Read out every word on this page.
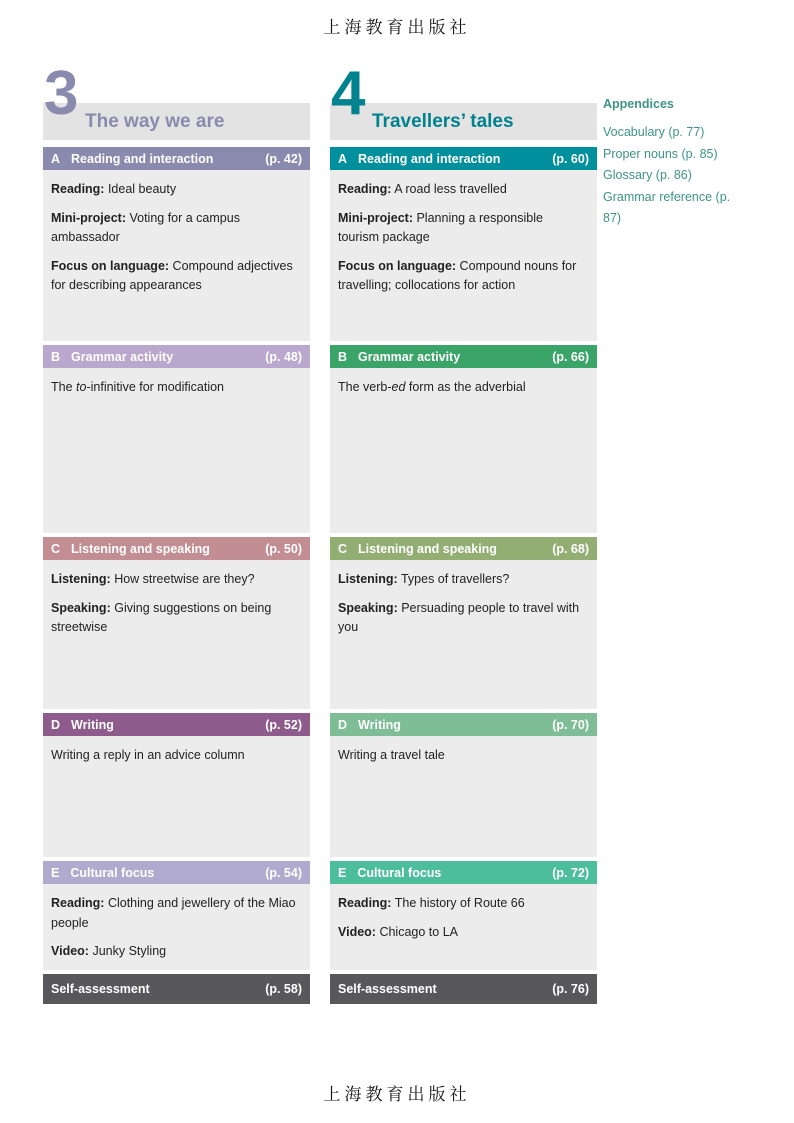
上海教育出版社
3 The way we are
A Reading and interaction	(p. 42)

Reading: Ideal beauty

Mini-project: Voting for a campus ambassador

Focus on language: Compound adjectives for describing appearances

B Grammar activity	(p. 48)

The to-infinitive for modification

C Listening and speaking	(p. 50)

Listening: How streetwise are they?

Speaking: Giving suggestions on being streetwise

D Writing	(p. 52)

Writing a reply in an advice column

E Cultural focus	(p. 54)

Reading: Clothing and jewellery of the Miao people

Video: Junky Styling

Self-assessment	(p. 58)
4 Travellers’ tales
A Reading and interaction	(p. 60)

Reading: A road less travelled

Mini-project: Planning a responsible tourism package

Focus on language: Compound nouns for travelling; collocations for action

B Grammar activity	(p. 66)

The verb-ed form as the adverbial

C Listening and speaking	(p. 68)

Listening: Types of travellers?

Speaking: Persuading people to travel with you

D Writing	(p. 70)

Writing a travel tale

E Cultural focus	(p. 72)

Reading: The history of Route 66

Video: Chicago to LA

Self-assessment	(p. 76)
Appendices
Vocabulary (p. 77)
Proper nouns (p. 85)
Glossary (p. 86)
Grammar reference (p. 87)
上海教育出版社
